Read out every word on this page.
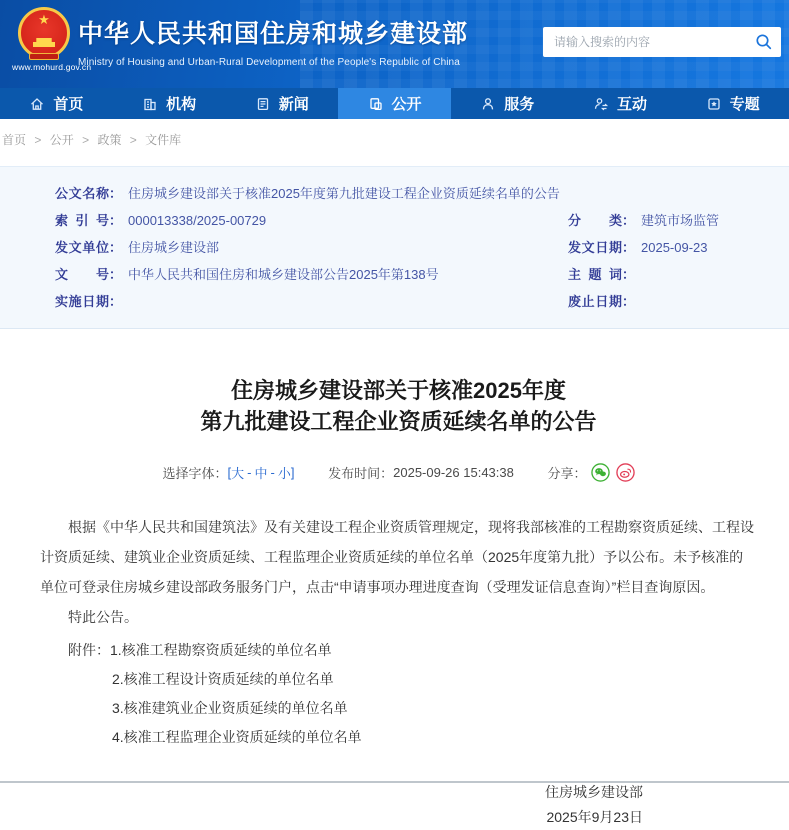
★
www.mohurd.gov.cn
中华人民共和国住房和城乡建设部
Ministry of Housing and Urban-Rural Development of the People's Republic of China
请输入搜索的内容
首页	机构	新闻	公开	服务	互动	专题
首页 > 公开 > 政策 > 文件库
公文名称： 住房城乡建设部关于核准2025年度第九批建设工程企业资质延续名单的公告
索引号： 000013338/2025-00729
发文单位： 住房城乡建设部
文号： 中华人民共和国住房和城乡建设部公告2025年第138号
实施日期：
分类： 建筑市场监管
发文日期： 2025-09-23
主题词：
废止日期：
住房城乡建设部关于核准2025年度
第九批建设工程企业资质延续名单的公告
选择字体： [ 大 - 中 - 小 ]
	发布时间： 2025-09-26 15:43:38
	分享：

根据《中华人民共和国建筑法》及有关建设工程企业资质管理规定，现将我部核准的工程勘察资质延续、工程设计资质延续、建筑业企业资质延续、工程监理企业资质延续的单位名单（2025年度第九批）予以公布。未予核准的单位可登录住房城乡建设部政务服务门户，点击“申请事项办理进度查询（受理发证信息查询）”栏目查询原因。

特此公告。

附件：1.核准工程勘察资质延续的单位名单
2.核准工程设计资质延续的单位名单
3.核准建筑业企业资质延续的单位名单
4.核准工程监理企业资质延续的单位名单
住房城乡建设部
2025年9月23日
